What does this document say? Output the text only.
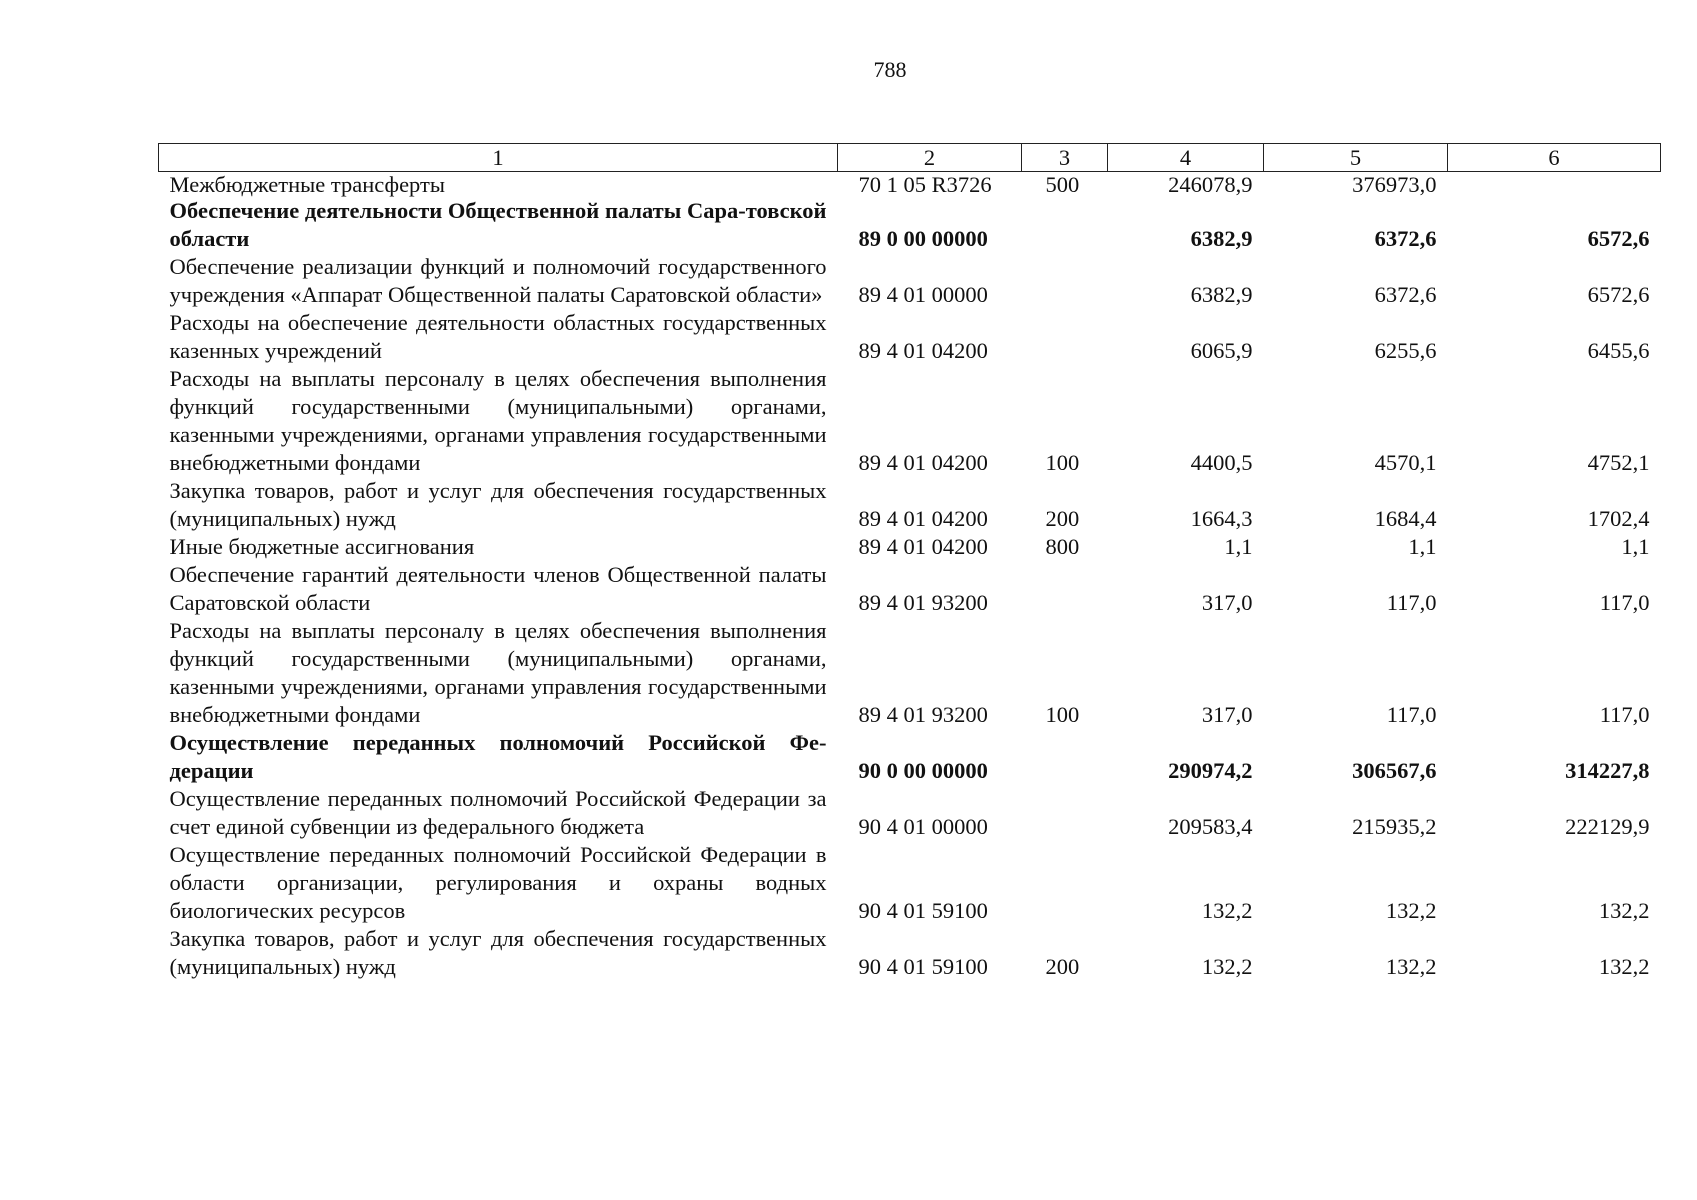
788
1	2	3	4	5	6
Межбюджетные трансферты	70 1 05 R3726	500	246078,9	376973,0	
Обеспечение деятельности Общественной палаты Сара-товской области	89 0 00 00000		6382,9	6372,6	6572,6
Обеспечение реализации функций и полномочий государственного учреждения «Аппарат Общественной палаты Саратовской области»	89 4 01 00000		6382,9	6372,6	6572,6
Расходы на обеспечение деятельности областных государственных казенных учреждений	89 4 01 04200		6065,9	6255,6	6455,6
Расходы на выплаты персоналу в целях обеспечения выполнения функций государственными (муниципальными) органами, казенными учреждениями, органами управления государственными внебюджетными фондами	89 4 01 04200	100	4400,5	4570,1	4752,1
Закупка товаров, работ и услуг для обеспечения государственных (муниципальных) нужд	89 4 01 04200	200	1664,3	1684,4	1702,4
Иные бюджетные ассигнования	89 4 01 04200	800	1,1	1,1	1,1
Обеспечение гарантий деятельности членов Общественной палаты Саратовской области	89 4 01 93200		317,0	117,0	117,0
Расходы на выплаты персоналу в целях обеспечения выполнения функций государственными (муниципальными) органами, казенными учреждениями, органами управления государственными внебюджетными фондами	89 4 01 93200	100	317,0	117,0	117,0
Осуществление переданных полномочий Российской Федерации	90 0 00 00000		290974,2	306567,6	314227,8
Осуществление переданных полномочий Российской Федерации за счет единой субвенции из федерального бюджета	90 4 01 00000		209583,4	215935,2	222129,9
Осуществление переданных полномочий Российской Федерации в области организации, регулирования и охраны водных биологических ресурсов	90 4 01 59100		132,2	132,2	132,2
Закупка товаров, работ и услуг для обеспечения государственных (муниципальных) нужд	90 4 01 59100	200	132,2	132,2	132,2
